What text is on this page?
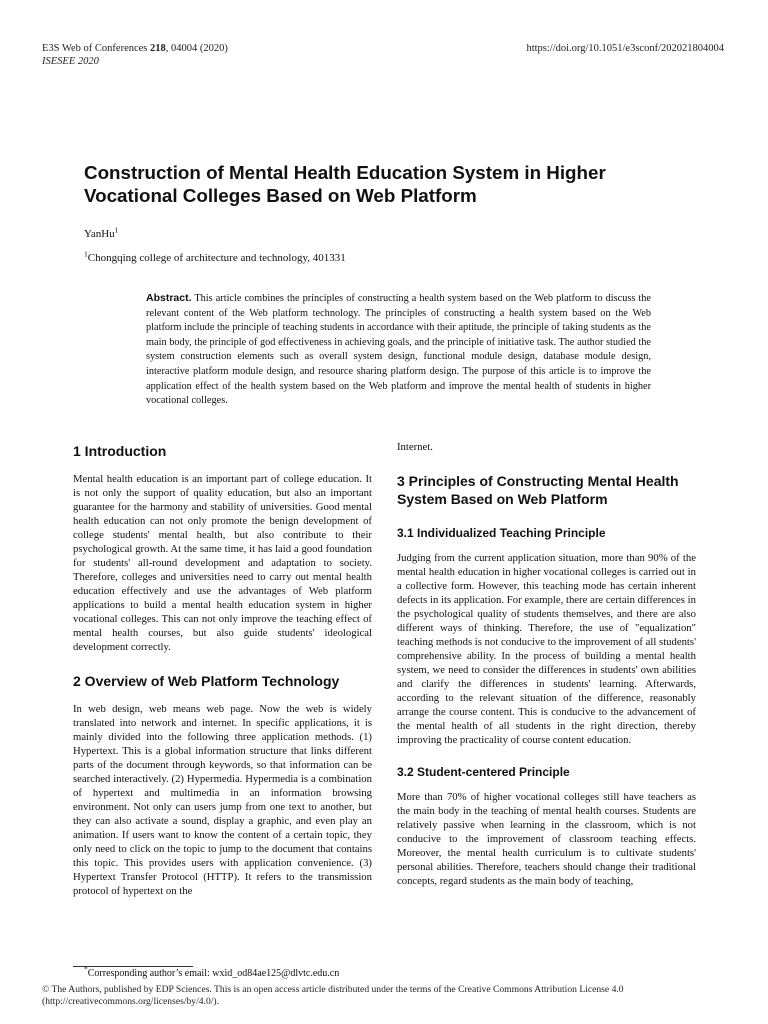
E3S Web of Conferences 218, 04004 (2020)
ISESEE 2020
https://doi.org/10.1051/e3sconf/202021804004
Construction of Mental Health Education System in Higher Vocational Colleges Based on Web Platform
YanHu$^1$
$^1$Chongqing college of architecture and technology, 401331
Abstract. This article combines the principles of constructing a health system based on the Web platform to discuss the relevant content of the Web platform technology. The principles of constructing a health system based on the Web platform include the principle of teaching students in accordance with their aptitude, the principle of taking students as the main body, the principle of god effectiveness in achieving goals, and the principle of initiative task. The author studied the system construction elements such as overall system design, functional module design, database module design, interactive platform module design, and resource sharing platform design. The purpose of this article is to improve the application effect of the health system based on the Web platform and improve the mental health of students in higher vocational colleges.
1 Introduction

Mental health education is an important part of college education. It is not only the support of quality education, but also an important guarantee for the harmony and stability of universities. Good mental health education can not only promote the benign development of college students' mental health, but also contribute to their psychological growth. At the same time, it has laid a good foundation for students' all-round development and adaptation to society. Therefore, colleges and universities need to carry out mental health education effectively and use the advantages of Web platform applications to build a mental health education system in higher vocational colleges. This can not only improve the teaching effect of mental health courses, but also guide students' ideological development correctly.

2 Overview of Web Platform Technology

In web design, web means web page. Now the web is widely translated into network and internet. In specific applications, it is mainly divided into the following three application methods. (1) Hypertext. This is a global information structure that links different parts of the document through keywords, so that information can be searched interactively. (2) Hypermedia. Hypermedia is a combination of hypertext and multimedia in an information browsing environment. Not only can users jump from one text to another, but they can also activate a sound, display a graphic, and even play an animation. If users want to know the content of a certain topic, they only need to click on the topic to jump to the document that contains this topic. This provides users with application convenience. (3) Hypertext Transfer Protocol (HTTP). It refers to the transmission protocol of hypertext on the

Internet.

3 Principles of Constructing Mental Health System Based on Web Platform
3.1 Individualized Teaching Principle

Judging from the current application situation, more than 90% of the mental health education in higher vocational colleges is carried out in a collective form. However, this teaching mode has certain inherent defects in its application. For example, there are certain differences in the psychological quality of students themselves, and there are also different ways of thinking. Therefore, the use of "equalization" teaching methods is not conducive to the improvement of all students' comprehensive ability. In the process of building a mental health system, we need to consider the differences in students' own abilities and clarify the differences in students' learning. Afterwards, according to the relevant situation of the difference, reasonably arrange the course content. This is conducive to the advancement of the mental health of all students in the right direction, thereby improving the practicality of course content education.

3.2 Student-centered Principle

More than 70% of higher vocational colleges still have teachers as the main body in the teaching of mental health courses. Students are relatively passive when learning in the classroom, which is not conducive to the improvement of classroom teaching effects. Moreover, the mental health curriculum is to cultivate students' personal abilities. Therefore, teachers should change their traditional concepts, regard students as the main body of teaching,

*Corresponding author’s email: wxid_od84ae125@dlvtc.edu.cn
© The Authors, published by EDP Sciences. This is an open access article distributed under the terms of the Creative Commons Attribution License 4.0 (http://creativecommons.org/licenses/by/4.0/).
